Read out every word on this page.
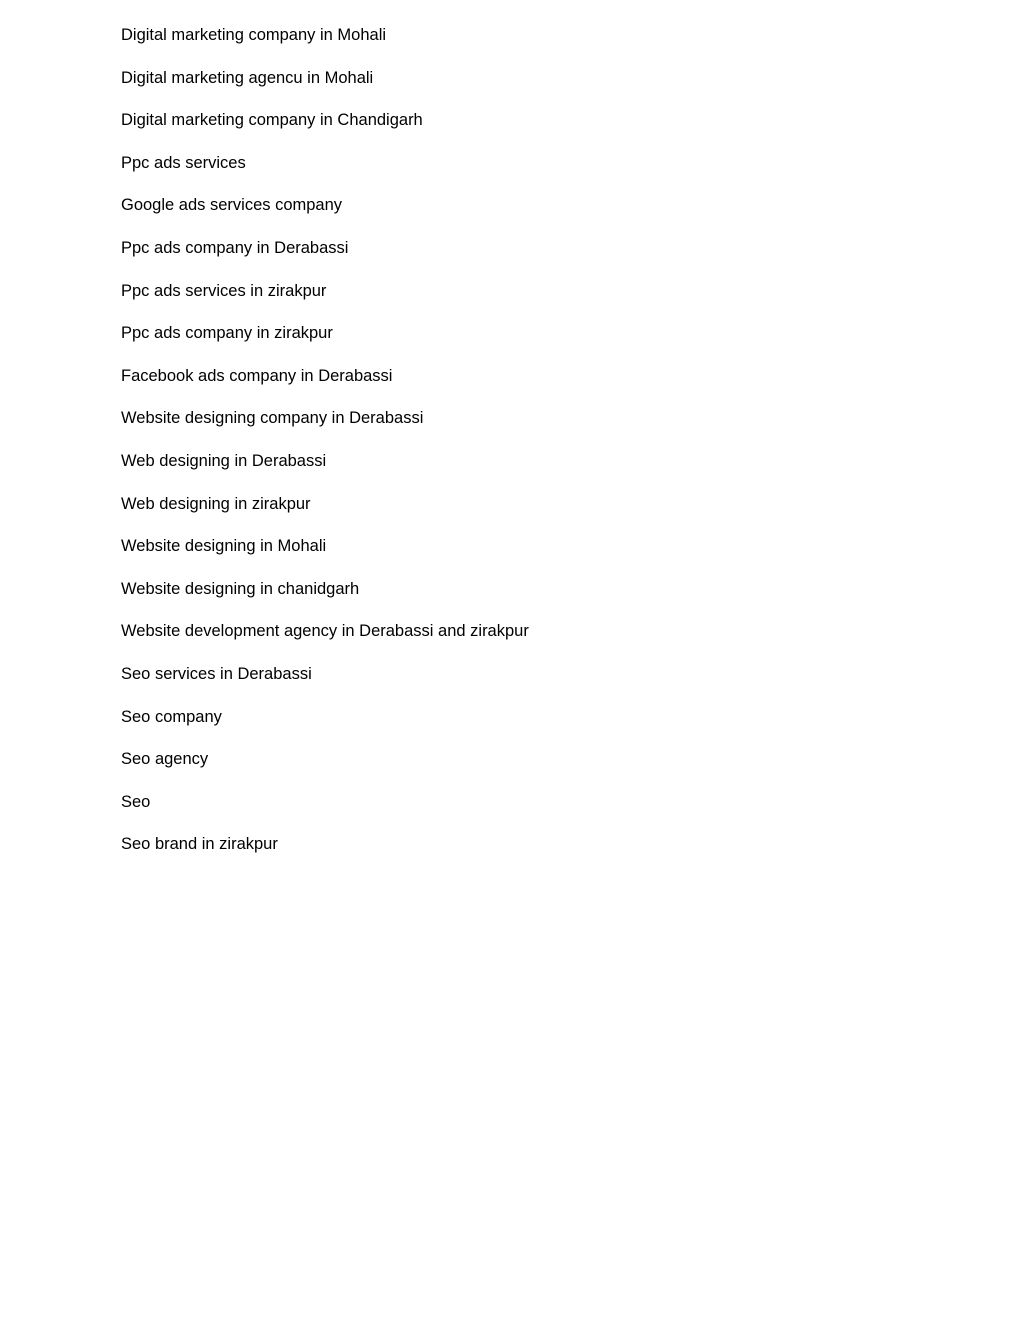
Digital marketing company in Mohali
Digital marketing agencu in Mohali
Digital marketing company in Chandigarh
Ppc ads services
Google ads services company
Ppc ads company in Derabassi
Ppc ads services in zirakpur
Ppc ads company in zirakpur
Facebook ads company in Derabassi
Website designing company in Derabassi
Web designing in Derabassi
Web designing in zirakpur
Website designing in Mohali
Website designing in chanidgarh
Website development agency in Derabassi and zirakpur
Seo services in Derabassi
Seo company
Seo agency
Seo
Seo brand in zirakpur
